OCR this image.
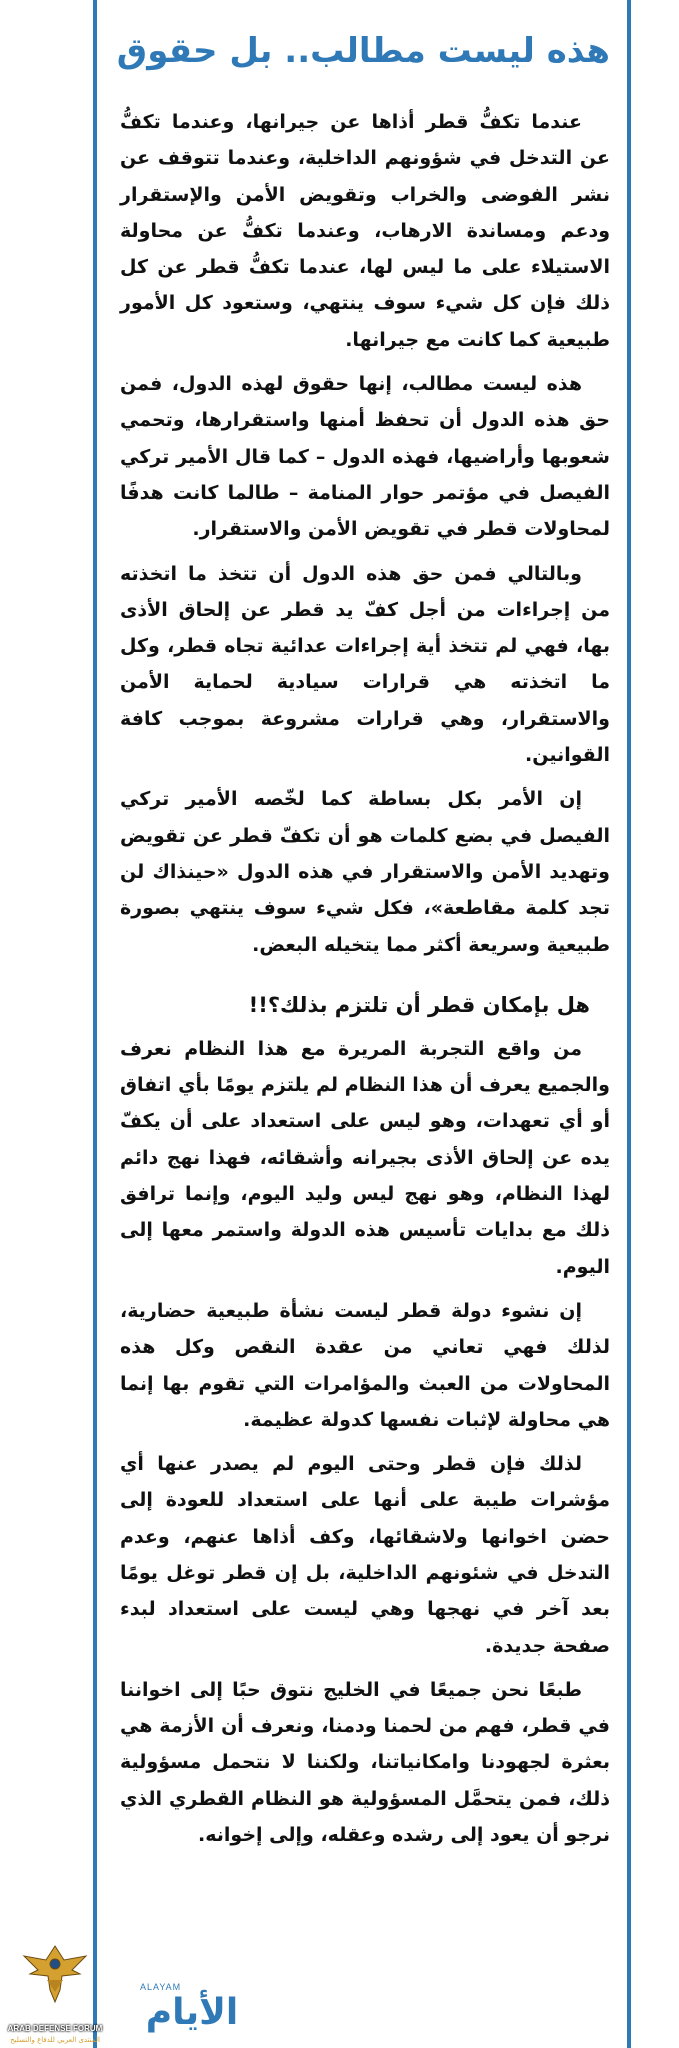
هذه ليست مطالب.. بل حقوق

عندما تكفُّ قطر أذاها عن جيرانها، وعندما تكفُّ عن التدخل في شؤونهم الداخلية، وعندما تتوقف عن نشر الفوضى والخراب وتقويض الأمن والإستقرار ودعم ومساندة الارهاب، وعندما تكفُّ عن محاولة الاستيلاء على ما ليس لها، عندما تكفُّ قطر عن كل ذلك فإن كل شيء سوف ينتهي، وستعود كل الأمور طبيعية كما كانت مع جيرانها.

هذه ليست مطالب، إنها حقوق لهذه الدول، فمن حق هذه الدول أن تحفظ أمنها واستقرارها، وتحمي شعوبها وأراضيها، فهذه الدول – كما قال الأمير تركي الفيصل في مؤتمر حوار المنامة – طالما كانت هدفًا لمحاولات قطر في تقويض الأمن والاستقرار.

وبالتالي فمن حق هذه الدول أن تتخذ ما اتخذته من إجراءات من أجل كفّ يد قطر عن إلحاق الأذى بها، فهي لم تتخذ أية إجراءات عدائية تجاه قطر، وكل ما اتخذته هي قرارات سيادية لحماية الأمن والاستقرار، وهي قرارات مشروعة بموجب كافة القوانين.

إن الأمر بكل بساطة كما لخّصه الأمير تركي الفيصل في بضع كلمات هو أن تكفّ قطر عن تقويض وتهديد الأمن والاستقرار في هذه الدول «حينذاك لن تجد كلمة مقاطعة»، فكل شيء سوف ينتهي بصورة طبيعية وسريعة أكثر مما يتخيله البعض.

هل بإمكان قطر أن تلتزم بذلك؟!!

من واقع التجربة المريرة مع هذا النظام نعرف والجميع يعرف أن هذا النظام لم يلتزم يومًا بأي اتفاق أو أي تعهدات، وهو ليس على استعداد على أن يكفّ يده عن إلحاق الأذى بجيرانه وأشقائه، فهذا نهج دائم لهذا النظام، وهو نهج ليس وليد اليوم، وإنما ترافق ذلك مع بدايات تأسيس هذه الدولة واستمر معها إلى اليوم.

إن نشوء دولة قطر ليست نشأة طبيعية حضارية، لذلك فهي تعاني من عقدة النقص وكل هذه المحاولات من العبث والمؤامرات التي تقوم بها إنما هي محاولة لإثبات نفسها كدولة عظيمة.

لذلك فإن قطر وحتى اليوم لم يصدر عنها أي مؤشرات طيبة على أنها على استعداد للعودة إلى حضن اخوانها ولاشقائها، وكف أذاها عنهم، وعدم التدخل في شئونهم الداخلية، بل إن قطر توغل يومًا بعد آخر في نهجها وهي ليست على استعداد لبدء صفحة جديدة.

طبعًا نحن جميعًا في الخليج نتوق حبًا إلى اخواننا في قطر، فهم من لحمنا ودمنا، ونعرف أن الأزمة هي بعثرة لجهودنا وامكانياتنا، ولكننا لا نتحمل مسؤولية ذلك، فمن يتحمَّل المسؤولية هو النظام القطري الذي نرجو أن يعود إلى رشده وعقله، وإلى إخوانه.

ALAYAM
الأيام
ARAB DEFENSE FORUM
المنتدى العربي للدفاع والتسليح
